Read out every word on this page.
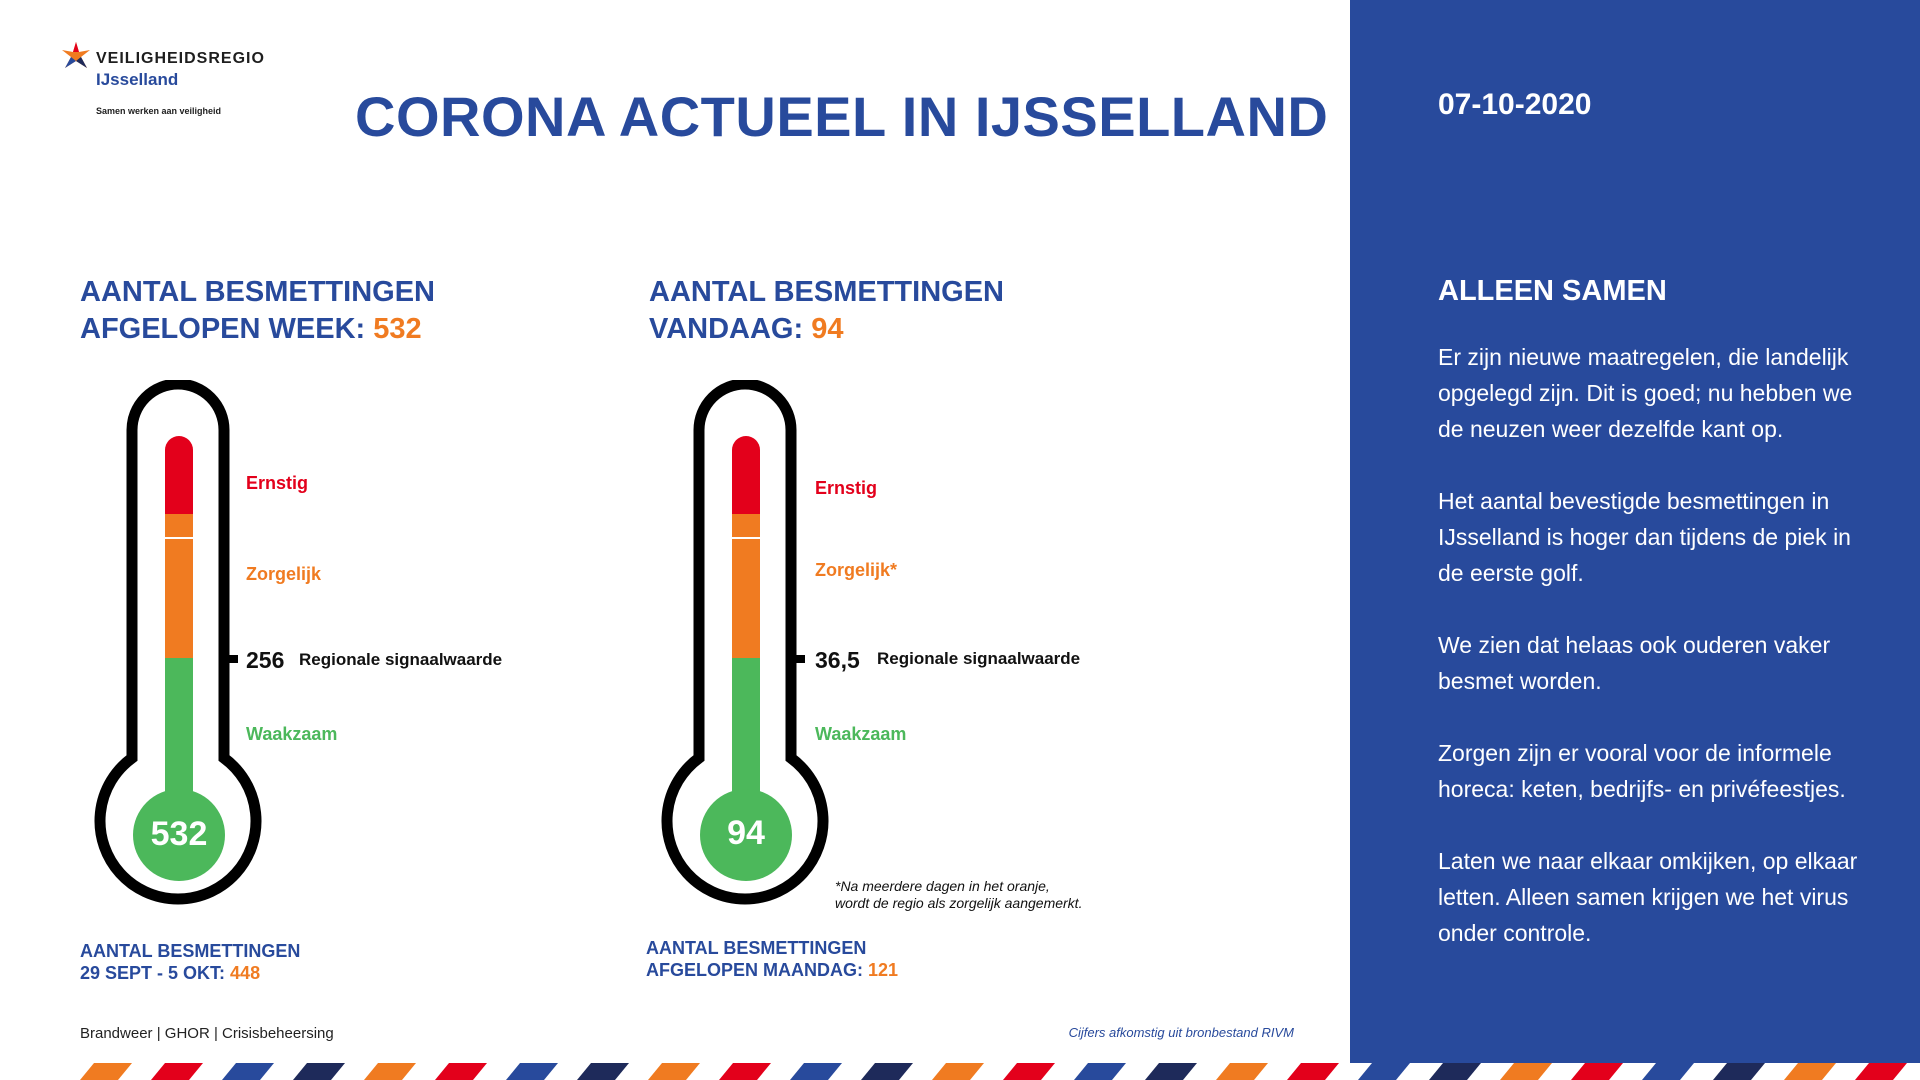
VEILIGHEIDSREGIO
IJsselland
Samen werken aan veiligheid CORONA ACTUEEL IN IJSSELLAND
AANTAL BESMETTINGEN
AFGELOPEN WEEK: 532
532
Ernstig
Zorgelijk
256 Regionale signaalwaarde
Waakzaam
AANTAL BESMETTINGEN
29 SEPT - 5 OKT: 448
AANTAL BESMETTINGEN
VANDAAG: 94
94
Ernstig
Zorgelijk*
36,5 Regionale signaalwaarde
Waakzaam
*Na meerdere dagen in het oranje,
wordt de regio als zorgelijk aangemerkt.
AANTAL BESMETTINGEN
AFGELOPEN MAANDAG: 121
Brandweer | GHOR | Crisisbeheersing	Cijfers afkomstig uit bronbestand RIVM
07-10-2020
ALLEEN SAMEN

Er zijn nieuwe maatregelen, die landelijk opgelegd zijn. Dit is goed; nu hebben we de neuzen weer dezelfde kant op.

Het aantal bevestigde besmettingen in IJsselland is hoger dan tijdens de piek in de eerste golf.

We zien dat helaas ook ouderen vaker besmet worden.

Zorgen zijn er vooral voor de informele horeca: keten, bedrijfs- en privéfeestjes.

Laten we naar elkaar omkijken, op elkaar letten. Alleen samen krijgen we het virus onder controle.
